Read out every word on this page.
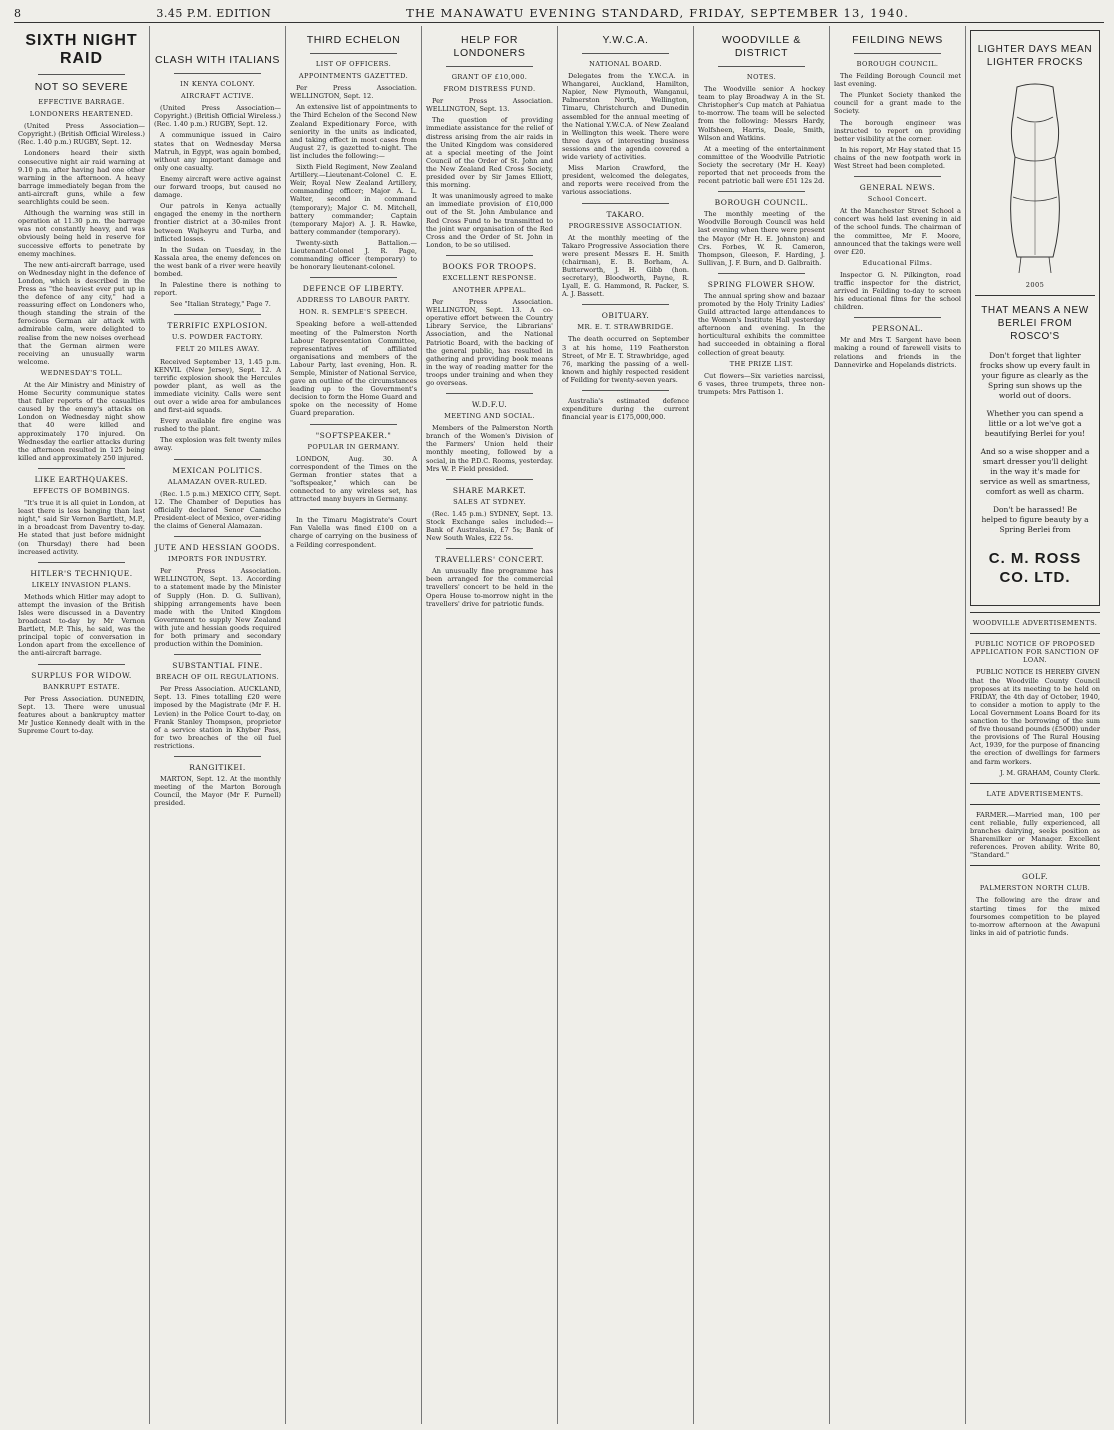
8	3.45 P.M. EDITION	THE MANAWATU EVENING STANDARD, FRIDAY, SEPTEMBER 13, 1940.
SIXTH NIGHT RAID
NOT SO SEVERE
EFFECTIVE BARRAGE.
LONDONERS HEARTENED.

(United Press Association—Copyright.) (British Official Wireless.) (Rec. 1.40 p.m.) RUGBY, Sept. 12.

Londoners heard their sixth consecutive night air raid warning at 9.10 p.m. after having had one other warning in the afternoon. A heavy barrage immediately began from the anti-aircraft guns, while a few searchlights could be seen.

Although the warning was still in operation at 11.30 p.m. the barrage was not constantly heavy, and was obviously being held in reserve for successive efforts to penetrate by enemy machines.

The new anti-aircraft barrage, used on Wednesday night in the defence of London, which is described in the Press as "the heaviest ever put up in the defence of any city," had a reassuring effect on Londoners who, though standing the strain of the ferocious German air attack with admirable calm, were delighted to realise from the new noises overhead that the German airmen were receiving an unusually warm welcome.

WEDNESDAY'S TOLL.

At the Air Ministry and Ministry of Home Security communique states that fuller reports of the casualties caused by the enemy's attacks on London on Wednesday night show that 40 were killed and approximately 170 injured. On Wednesday the earlier attacks during the afternoon resulted in 125 being killed and approximately 250 injured.

LIKE EARTHQUAKES.
EFFECTS OF BOMBINGS.

"It's true it is all quiet in London, at least there is less banging than last night," said Sir Vernon Bartlett, M.P., in a broadcast from Daventry to-day. He stated that just before midnight (on Thursday) there had been increased activity.

HITLER'S TECHNIQUE.
LIKELY INVASION PLANS.

Methods which Hitler may adopt to attempt the invasion of the British Isles were discussed in a Daventry broadcast to-day by Mr Vernon Bartlett, M.P. This, he said, was the principal topic of conversation in London apart from the excellence of the anti-aircraft barrage.

SURPLUS FOR WIDOW.
BANKRUPT ESTATE.

Per Press Association. DUNEDIN, Sept. 13. There were unusual features about a bankruptcy matter Mr Justice Kennedy dealt with in the Supreme Court to-day.

CLASH WITH ITALIANS
IN KENYA COLONY.
AIRCRAFT ACTIVE.

(United Press Association—Copyright.) (British Official Wireless.) (Rec. 1.40 p.m.) RUGBY, Sept. 12.

A communique issued in Cairo states that on Wednesday Mersa Matruh, in Egypt, was again bombed, without any important damage and only one casualty.

Enemy aircraft were active against our forward troops, but caused no damage.

Our patrols in Kenya actually engaged the enemy in the northern frontier district at a 30-miles front between Wajheyru and Turba, and inflicted losses.

In the Sudan on Tuesday, in the Kassala area, the enemy defences on the west bank of a river were heavily bombed.

In Palestine there is nothing to report.

See "Italian Strategy," Page 7.

TERRIFIC EXPLOSION.
U.S. POWDER FACTORY.
FELT 20 MILES AWAY.

Received September 13, 1.45 p.m. KENVIL (New Jersey), Sept. 12. A terrific explosion shook the Hercules powder plant, as well as the immediate vicinity. Calls were sent out over a wide area for ambulances and first-aid squads.

Every available fire engine was rushed to the plant.

The explosion was felt twenty miles away.

MEXICAN POLITICS.
ALAMAZAN OVER-RULED.

(Rec. 1.5 p.m.) MEXICO CITY, Sept. 12. The Chamber of Deputies has officially declared Senor Camacho President-elect of Mexico, over-riding the claims of General Alamazan.

JUTE AND HESSIAN GOODS.
IMPORTS FOR INDUSTRY.

Per Press Association. WELLINGTON, Sept. 13. According to a statement made by the Minister of Supply (Hon. D. G. Sullivan), shipping arrangements have been made with the United Kingdom Government to supply New Zealand with jute and hessian goods required for both primary and secondary production within the Dominion.

SUBSTANTIAL FINE.
BREACH OF OIL REGULATIONS.

Per Press Association. AUCKLAND, Sept. 13. Fines totalling £20 were imposed by the Magistrate (Mr F. H. Levien) in the Police Court to-day, on Frank Stanley Thompson, proprietor of a service station in Khyber Pass, for two breaches of the oil fuel restrictions.

RANGITIKEI.

MARTON, Sept. 12. At the monthly meeting of the Marton Borough Council, the Mayor (Mr F. Purnell) presided.

THIRD ECHELON
LIST OF OFFICERS.
APPOINTMENTS GAZETTED.

Per Press Association. WELLINGTON, Sept. 12.

An extensive list of appointments to the Third Echelon of the Second New Zealand Expeditionary Force, with seniority in the units as indicated, and taking effect in most cases from August 27, is gazetted to-night. The list includes the following:—

Sixth Field Regiment, New Zealand Artillery.—Lieutenant-Colonel C. E. Weir, Royal New Zealand Artillery, commanding officer; Major A. L. Walter, second in command (temporary); Major C. M. Mitchell, battery commander; Captain (temporary Major) A. J. R. Hawke, battery commander (temporary).

Twenty-sixth Battalion.—Lieutenant-Colonel J. R. Page, commanding officer (temporary) to be honorary lieutenant-colonel.

DEFENCE OF LIBERTY.
ADDRESS TO LABOUR PARTY.
HON. R. SEMPLE'S SPEECH.

Speaking before a well-attended meeting of the Palmerston North Labour Representation Committee, representatives of affiliated organisations and members of the Labour Party, last evening, Hon. R. Semple, Minister of National Service, gave an outline of the circumstances leading up to the Government's decision to form the Home Guard and spoke on the necessity of Home Guard preparation.

"SOFTSPEAKER."
POPULAR IN GERMANY.

LONDON, Aug. 30. A correspondent of the Times on the German frontier states that a "softspeaker," which can be connected to any wireless set, has attracted many buyers in Germany.

In the Timaru Magistrate's Court Fan Valella was fined £100 on a charge of carrying on the business of a Feilding correspondent.

HELP FOR LONDONERS
GRANT OF £10,000.
FROM DISTRESS FUND.

Per Press Association. WELLINGTON, Sept. 13.

The question of providing immediate assistance for the relief of distress arising from the air raids in the United Kingdom was considered at a special meeting of the Joint Council of the Order of St. John and the New Zealand Red Cross Society, presided over by Sir James Elliott, this morning.

It was unanimously agreed to make an immediate provision of £10,000 out of the St. John Ambulance and Red Cross Fund to be transmitted to the joint war organisation of the Red Cross and the Order of St. John in London, to be so utilised.

BOOKS FOR TROOPS.
EXCELLENT RESPONSE.
ANOTHER APPEAL.

Per Press Association. WELLINGTON, Sept. 13. A co-operative effort between the Country Library Service, the Librarians' Association, and the National Patriotic Board, with the backing of the general public, has resulted in gathering and providing book means in the way of reading matter for the troops under training and when they go overseas.

W.D.F.U.
MEETING AND SOCIAL.

Members of the Palmerston North branch of the Women's Division of the Farmers' Union held their monthly meeting, followed by a social, in the P.D.C. Rooms, yesterday. Mrs W. P. Field presided.

SHARE MARKET.
SALES AT SYDNEY.

(Rec. 1.45 p.m.) SYDNEY, Sept. 13. Stock Exchange sales included:— Bank of Australasia, £7 5s; Bank of New South Wales, £22 5s.

TRAVELLERS' CONCERT.

An unusually fine programme has been arranged for the commercial travellers' concert to be held in the Opera House to-morrow night in the travellers' drive for patriotic funds.

Y.W.C.A.
NATIONAL BOARD.

Delegates from the Y.W.C.A. in Whangarei, Auckland, Hamilton, Napier, New Plymouth, Wanganui, Palmerston North, Wellington, Timaru, Christchurch and Dunedin assembled for the annual meeting of the National Y.W.C.A. of New Zealand in Wellington this week. There were three days of interesting business sessions and the agenda covered a wide variety of activities.

Miss Marion Crawford, the president, welcomed the delegates, and reports were received from the various associations.

TAKARO.
PROGRESSIVE ASSOCIATION.

At the monthly meeting of the Takaro Progressive Association there were present Messrs E. H. Smith (chairman), E. B. Borham, A. Butterworth, J. H. Gibb (hon. secretary), Bloodworth, Payne, R. Lyall, E. G. Hammond, R. Packer, S. A. J. Bassett.

OBITUARY.
MR. E. T. STRAWBRIDGE.

The death occurred on September 3 at his home, 119 Featherston Street, of Mr E. T. Strawbridge, aged 76, marking the passing of a well-known and highly respected resident of Feilding for twenty-seven years.

Australia's estimated defence expenditure during the current financial year is £175,000,000.

WOODVILLE & DISTRICT
NOTES.

The Woodville senior A hockey team to play Broadway A in the St. Christopher's Cup match at Pahiatua to-morrow. The team will be selected from the following: Messrs Hardy, Wolfsheen, Harris, Deale, Smith, Wilson and Watkins.

At a meeting of the entertainment committee of the Woodville Patriotic Society the secretary (Mr H. Keay) reported that net proceeds from the recent patriotic ball were £51 12s 2d.

BOROUGH COUNCIL.

The monthly meeting of the Woodville Borough Council was held last evening when there were present the Mayor (Mr H. E. Johnston) and Crs. Forbes, W. R. Cameron, Thompson, Gleeson, F. Harding, J. Sullivan, J. F. Burn, and D. Galbraith.

SPRING FLOWER SHOW.

The annual spring show and bazaar promoted by the Holy Trinity Ladies' Guild attracted large attendances to the Women's Institute Hall yesterday afternoon and evening. In the horticultural exhibits the committee had succeeded in obtaining a floral collection of great beauty.

THE PRIZE LIST.

Cut flowers—Six varieties narcissi, 6 vases, three trumpets, three non-trumpets: Mrs Pattison 1.

FEILDING NEWS
BOROUGH COUNCIL.

The Feilding Borough Council met last evening.

The Plunket Society thanked the council for a grant made to the Society.

The borough engineer was instructed to report on providing better visibility at the corner.

In his report, Mr Hay stated that 15 chains of the new footpath work in West Street had been completed.

GENERAL NEWS.
School Concert.

At the Manchester Street School a concert was held last evening in aid of the school funds. The chairman of the committee, Mr F. Moore, announced that the takings were well over £20.

Educational Films.

Inspector G. N. Pilkington, road traffic inspector for the district, arrived in Feilding to-day to screen his educational films for the school children.

PERSONAL.

Mr and Mrs T. Sargent have been making a round of farewell visits to relations and friends in the Dannevirke and Hopelands districts.

LIGHTER DAYS MEAN LIGHTER FROCKS
2005
THAT MEANS A NEW BERLEI FROM ROSCO'S
Don't forget that lighter frocks show up every fault in your figure as clearly as the Spring sun shows up the world out of doors.
Whether you can spend a little or a lot we've got a beautifying Berlei for you!
And so a wise shopper and a smart dresser you'll delight in the way it's made for service as well as smartness, comfort as well as charm.
Don't be harassed! Be helped to figure beauty by a Spring Berlei from
C. M. ROSS CO. LTD.
WOODVILLE ADVERTISEMENTS.
PUBLIC NOTICE OF PROPOSED APPLICATION FOR SANCTION OF LOAN.

PUBLIC NOTICE IS HEREBY GIVEN that the Woodville County Council proposes at its meeting to be held on FRIDAY, the 4th day of October, 1940, to consider a motion to apply to the Local Government Loans Board for its sanction to the borrowing of the sum of five thousand pounds (£5000) under the provisions of The Rural Housing Act, 1939, for the purpose of financing the erection of dwellings for farmers and farm workers.

J. M. GRAHAM, County Clerk.

LATE ADVERTISEMENTS.

FARMER.—Married man, 100 per cent reliable, fully experienced, all branches dairying, seeks position as Sharemilker or Manager. Excellent references. Proven ability. Write 80, "Standard."

GOLF.
PALMERSTON NORTH CLUB.

The following are the draw and starting times for the mixed foursomes competition to be played to-morrow afternoon at the Awapuni links in aid of patriotic funds.
